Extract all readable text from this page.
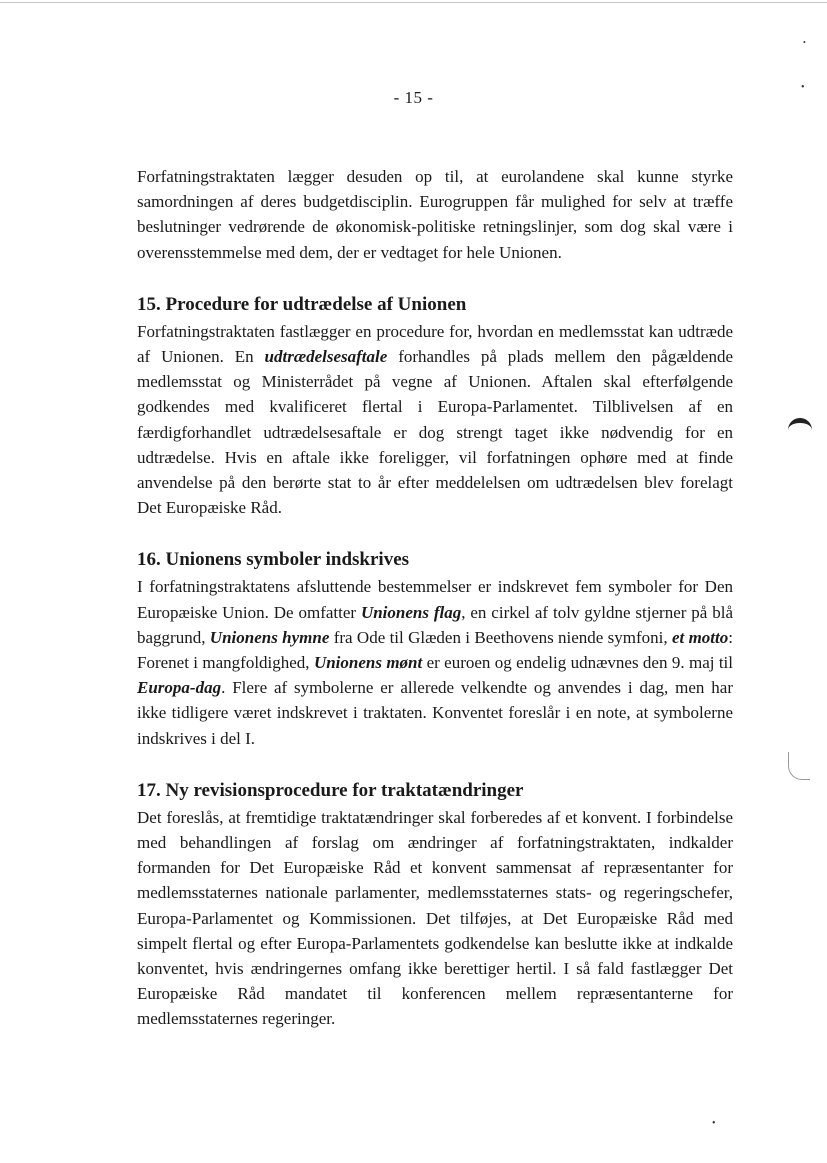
•
•
•
- 15 -

Forfatningstraktaten lægger desuden op til, at eurolandene skal kunne styrke samordningen af deres budgetdisciplin. Eurogruppen får mulighed for selv at træffe beslutninger vedrørende de økonomisk-politiske retningslinjer, som dog skal være i overensstemmelse med dem, der er vedtaget for hele Unionen.

15. Procedure for udtrædelse af Unionen

Forfatningstraktaten fastlægger en procedure for, hvordan en medlemsstat kan udtræde af Unionen. En udtrædelsesaftale forhandles på plads mellem den pågældende medlemsstat og Ministerrådet på vegne af Unionen. Aftalen skal efterfølgende godkendes med kvalificeret flertal i Europa-Parlamentet. Tilblivelsen af en færdigforhandlet udtrædelsesaftale er dog strengt taget ikke nødvendig for en udtrædelse. Hvis en aftale ikke foreligger, vil forfatningen ophøre med at finde anvendelse på den berørte stat to år efter meddelelsen om udtrædelsen blev forelagt Det Europæiske Råd.

16. Unionens symboler indskrives

I forfatningstraktatens afsluttende bestemmelser er indskrevet fem symboler for Den Europæiske Union. De omfatter Unionens flag, en cirkel af tolv gyldne stjerner på blå baggrund, Unionens hymne fra Ode til Glæden i Beethovens niende symfoni, et motto: Forenet i mangfoldighed, Unionens mønt er euroen og endelig udnævnes den 9. maj til Europa-dag. Flere af symbolerne er allerede velkendte og anvendes i dag, men har ikke tidligere været indskrevet i traktaten. Konventet foreslår i en note, at symbolerne indskrives i del I.

17. Ny revisionsprocedure for traktatændringer

Det foreslås, at fremtidige traktatændringer skal forberedes af et konvent. I forbindelse med behandlingen af forslag om ændringer af forfatningstraktaten, indkalder formanden for Det Europæiske Råd et konvent sammensat af repræsentanter for medlemsstaternes nationale parlamenter, medlemsstaternes stats- og regeringschefer, Europa-Parlamentet og Kommissionen. Det tilføjes, at Det Europæiske Råd med simpelt flertal og efter Europa-Parlamentets godkendelse kan beslutte ikke at indkalde konventet, hvis ændringernes omfang ikke berettiger hertil. I så fald fastlægger Det Europæiske Råd mandatet til konferencen mellem repræsentanterne for medlemsstaternes regeringer.
